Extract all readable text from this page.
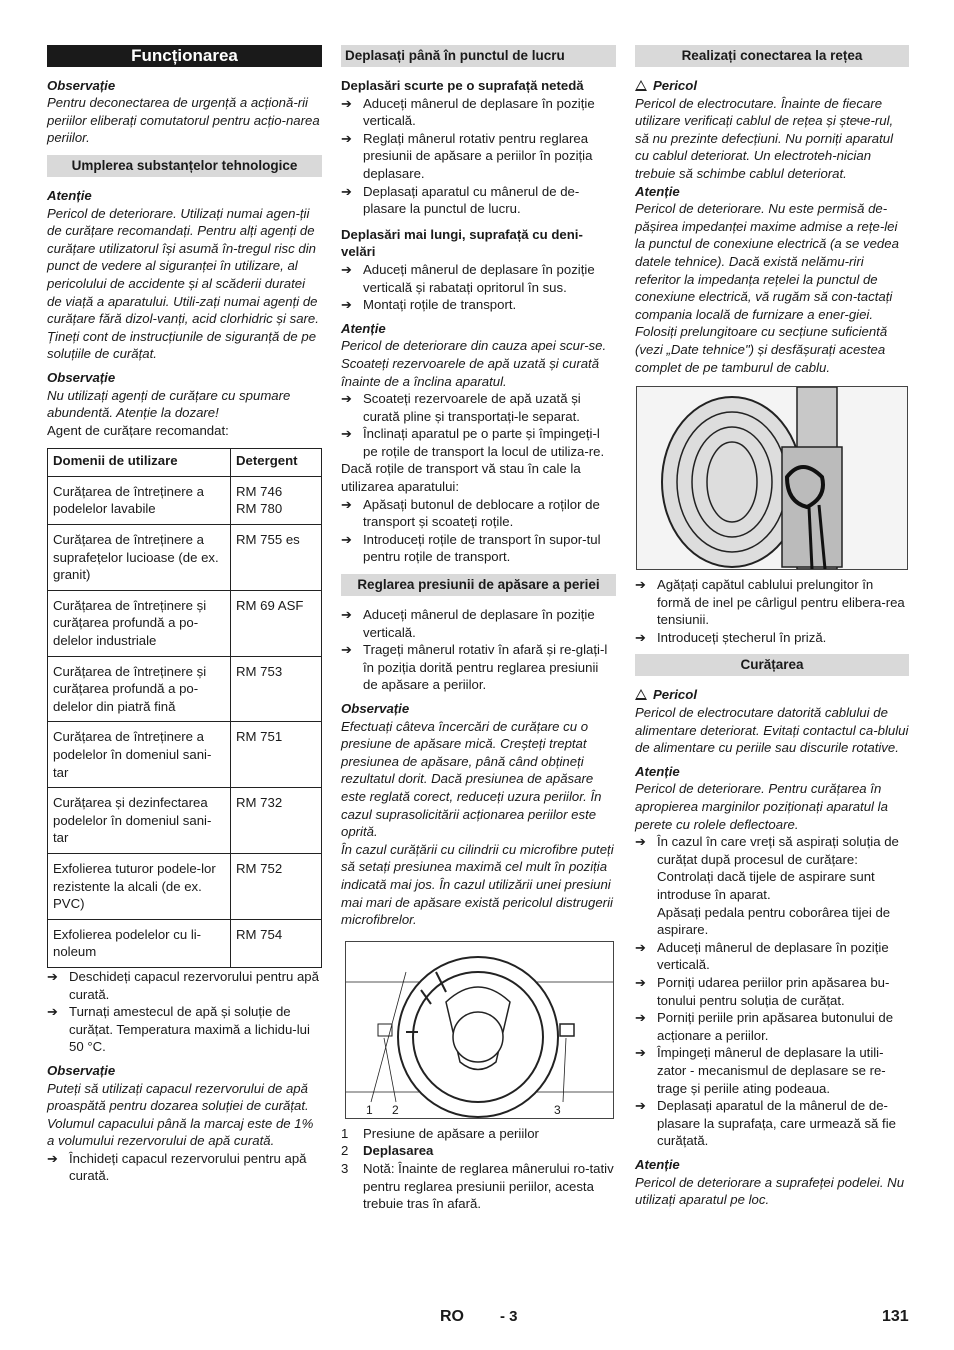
Funcționarea

Observație

Pentru deconectarea de urgență a acționă-rii periilor eliberați comutatorul pentru acțio-narea periilor.

Umplerea substanțelor tehnologice

Atenție

Pericol de deteriorare. Utilizați numai agen-ții de curățare recomandați. Pentru alți agenți de curățare utilizatorul își asumă în-tregul risc din punct de vedere al siguranței în utilizare, al pericolului de accidente și al scăderii duratei de viață a aparatului. Utili-zați numai agenți de curățare fără dizol-vanți, acid clorhidric și sare.

Țineți cont de instrucțiunile de siguranță de pe soluțiile de curățat.

Observație

Nu utilizați agenți de curățare cu spumare abundentă. Atenție la dozare!

Agent de curățare recomandat:

Domenii de utilizare	Detergent
Curățarea de întreținere a podelelor lavabile	RM 746
RM 780
Curățarea de întreținere a suprafețelor lucioase (de ex. granit)	RM 755 es
Curățarea de întreținere și curățarea profundă a po-delelor industriale	RM 69 ASF
Curățarea de întreținere și curățarea profundă a po-delelor din piatră fină	RM 753
Curățarea de întreținere a podelelor în domeniul sani-tar	RM 751
Curățarea și dezinfectarea podelelor în domeniul sani-tar	RM 732
Exfolierea tuturor podele-lor rezistente la alcali (de ex. PVC)	RM 752
Exfolierea podelelor cu li-noleum	RM 754

➔ Deschideți capacul rezervorului pentru apă curată.

➔ Turnați amestecul de apă și soluție de curățat. Temperatura maximă a lichidu-lui 50 °C.

Observație

Puteți să utilizați capacul rezervorului de apă proaspătă pentru dozarea soluției de curățat. Volumul capacului până la marcaj este de 1% a volumului rezervorului de apă curată.

➔ Închideți capacul rezervorului pentru apă curată.

Deplasați până în punctul de lucru

Deplasări scurte pe o suprafață netedă

➔ Aduceți mânerul de deplasare în poziție verticală.

➔ Reglați mânerul rotativ pentru reglarea presiunii de apăsare a periilor în poziția deplasare.

➔ Deplasați aparatul cu mânerul de de-plasare la punctul de lucru.

Deplasări mai lungi, suprafață cu deni-velări

➔ Aduceți mânerul de deplasare în poziție verticală și rabatați opritorul în sus.

➔ Montați roțile de transport.

Atenție

Pericol de deteriorare din cauza apei scur-se. Scoateți rezervoarele de apă uzată și curată înainte de a înclina aparatul.

➔ Scoateți rezervoarele de apă uzată și curată pline și transportați-le separat.

➔ Înclinați aparatul pe o parte și împingeți-l pe roțile de transport la locul de utiliza-re.

Dacă roțile de transport vă stau în cale la utilizarea aparatului:

➔ Apăsați butonul de deblocare a roților de transport și scoateți roțile.

➔ Introduceți roțile de transport în supor-tul pentru roțile de transport.

Reglarea presiunii de apăsare a periei

➔ Aduceți mânerul de deplasare în poziție verticală.

➔ Trageți mânerul rotativ în afară și re-glați-l în poziția dorită pentru reglarea presiunii de apăsare a periilor.

Observație

Efectuați câteva încercări de curățare cu o presiune de apăsare mică. Creșteți treptat presiunea de apăsare, până când obțineți rezultatul dorit. Dacă presiunea de apăsare este reglată corect, reduceți uzura periilor. În cazul suprasolicitării acționarea periilor este oprită.

În cazul curățării cu cilindrii cu microfibre puteți să setați presiunea maximă cel mult în poziția indicată mai jos. În cazul utilizării unei presiuni mai mari de apăsare există pericolul distrugerii microfibrelor.

1 2	3

1 Presiune de apăsare a periilor

2 Deplasarea

3 Notă: Înainte de reglarea mânerului ro-tativ pentru reglarea presiunii periilor, acesta trebuie tras în afară.

Realizați conectarea la rețea

Pericol

Pericol de electrocutare. Înainte de fiecare utilizare verificați cablul de rețea și ștече-rul, să nu prezinte defecțiuni. Nu porniți aparatul cu cablul deteriorat. Un electroteh-nician trebuie să schimbe cablul deteriorat.

Atenție

Pericol de deteriorare. Nu este permisă de-pășirea impedanței maxime admise a rețe-lei la punctul de conexiune electrică (a se vedea datele tehnice). Dacă există nelămu-riri referitor la impedanța rețelei la punctul de conexiune electrică, vă rugăm să con-tactați compania locală de furnizare a ener-giei.

Folosiți prelungitoare cu secțiune suficientă (vezi „Date tehnice") și desfășurați acestea complet de pe tamburul de cablu.

➔ Agățați capătul cablului prelungitor în formă de inel pe cârligul pentru elibera-rea tensiunii.

➔ Introduceți ștecherul în priză.

Curățarea

Pericol

Pericol de electrocutare datorită cablului de alimentare deteriorat. Evitați contactul ca-blului de alimentare cu periile sau discurile rotative.

Atenție

Pericol de deteriorare. Pentru curățarea în apropierea marginilor poziționați aparatul la perete cu rolele deflectoare.

➔ În cazul în care vreți să aspirați soluția de curățat după procesul de curățare:

Controlați dacă tijele de aspirare sunt introduse în aparat.

Apăsați pedala pentru coborârea tijei de aspirare.

➔ Aduceți mânerul de deplasare în poziție verticală.

➔ Porniți udarea periilor prin apăsarea bu-tonului pentru soluția de curățat.

➔ Porniți periile prin apăsarea butonului de acționare a periilor.

➔ Împingeți mânerul de deplasare la utili-zator - mecanismul de deplasare se re-trage și periile ating podeaua.

➔ Deplasați aparatul de la mânerul de de-plasare la suprafața, care urmează să fie curățată.

Atenție

Pericol de deteriorare a suprafeței podelei. Nu utilizați aparatul pe loc.

RO - 3	131
